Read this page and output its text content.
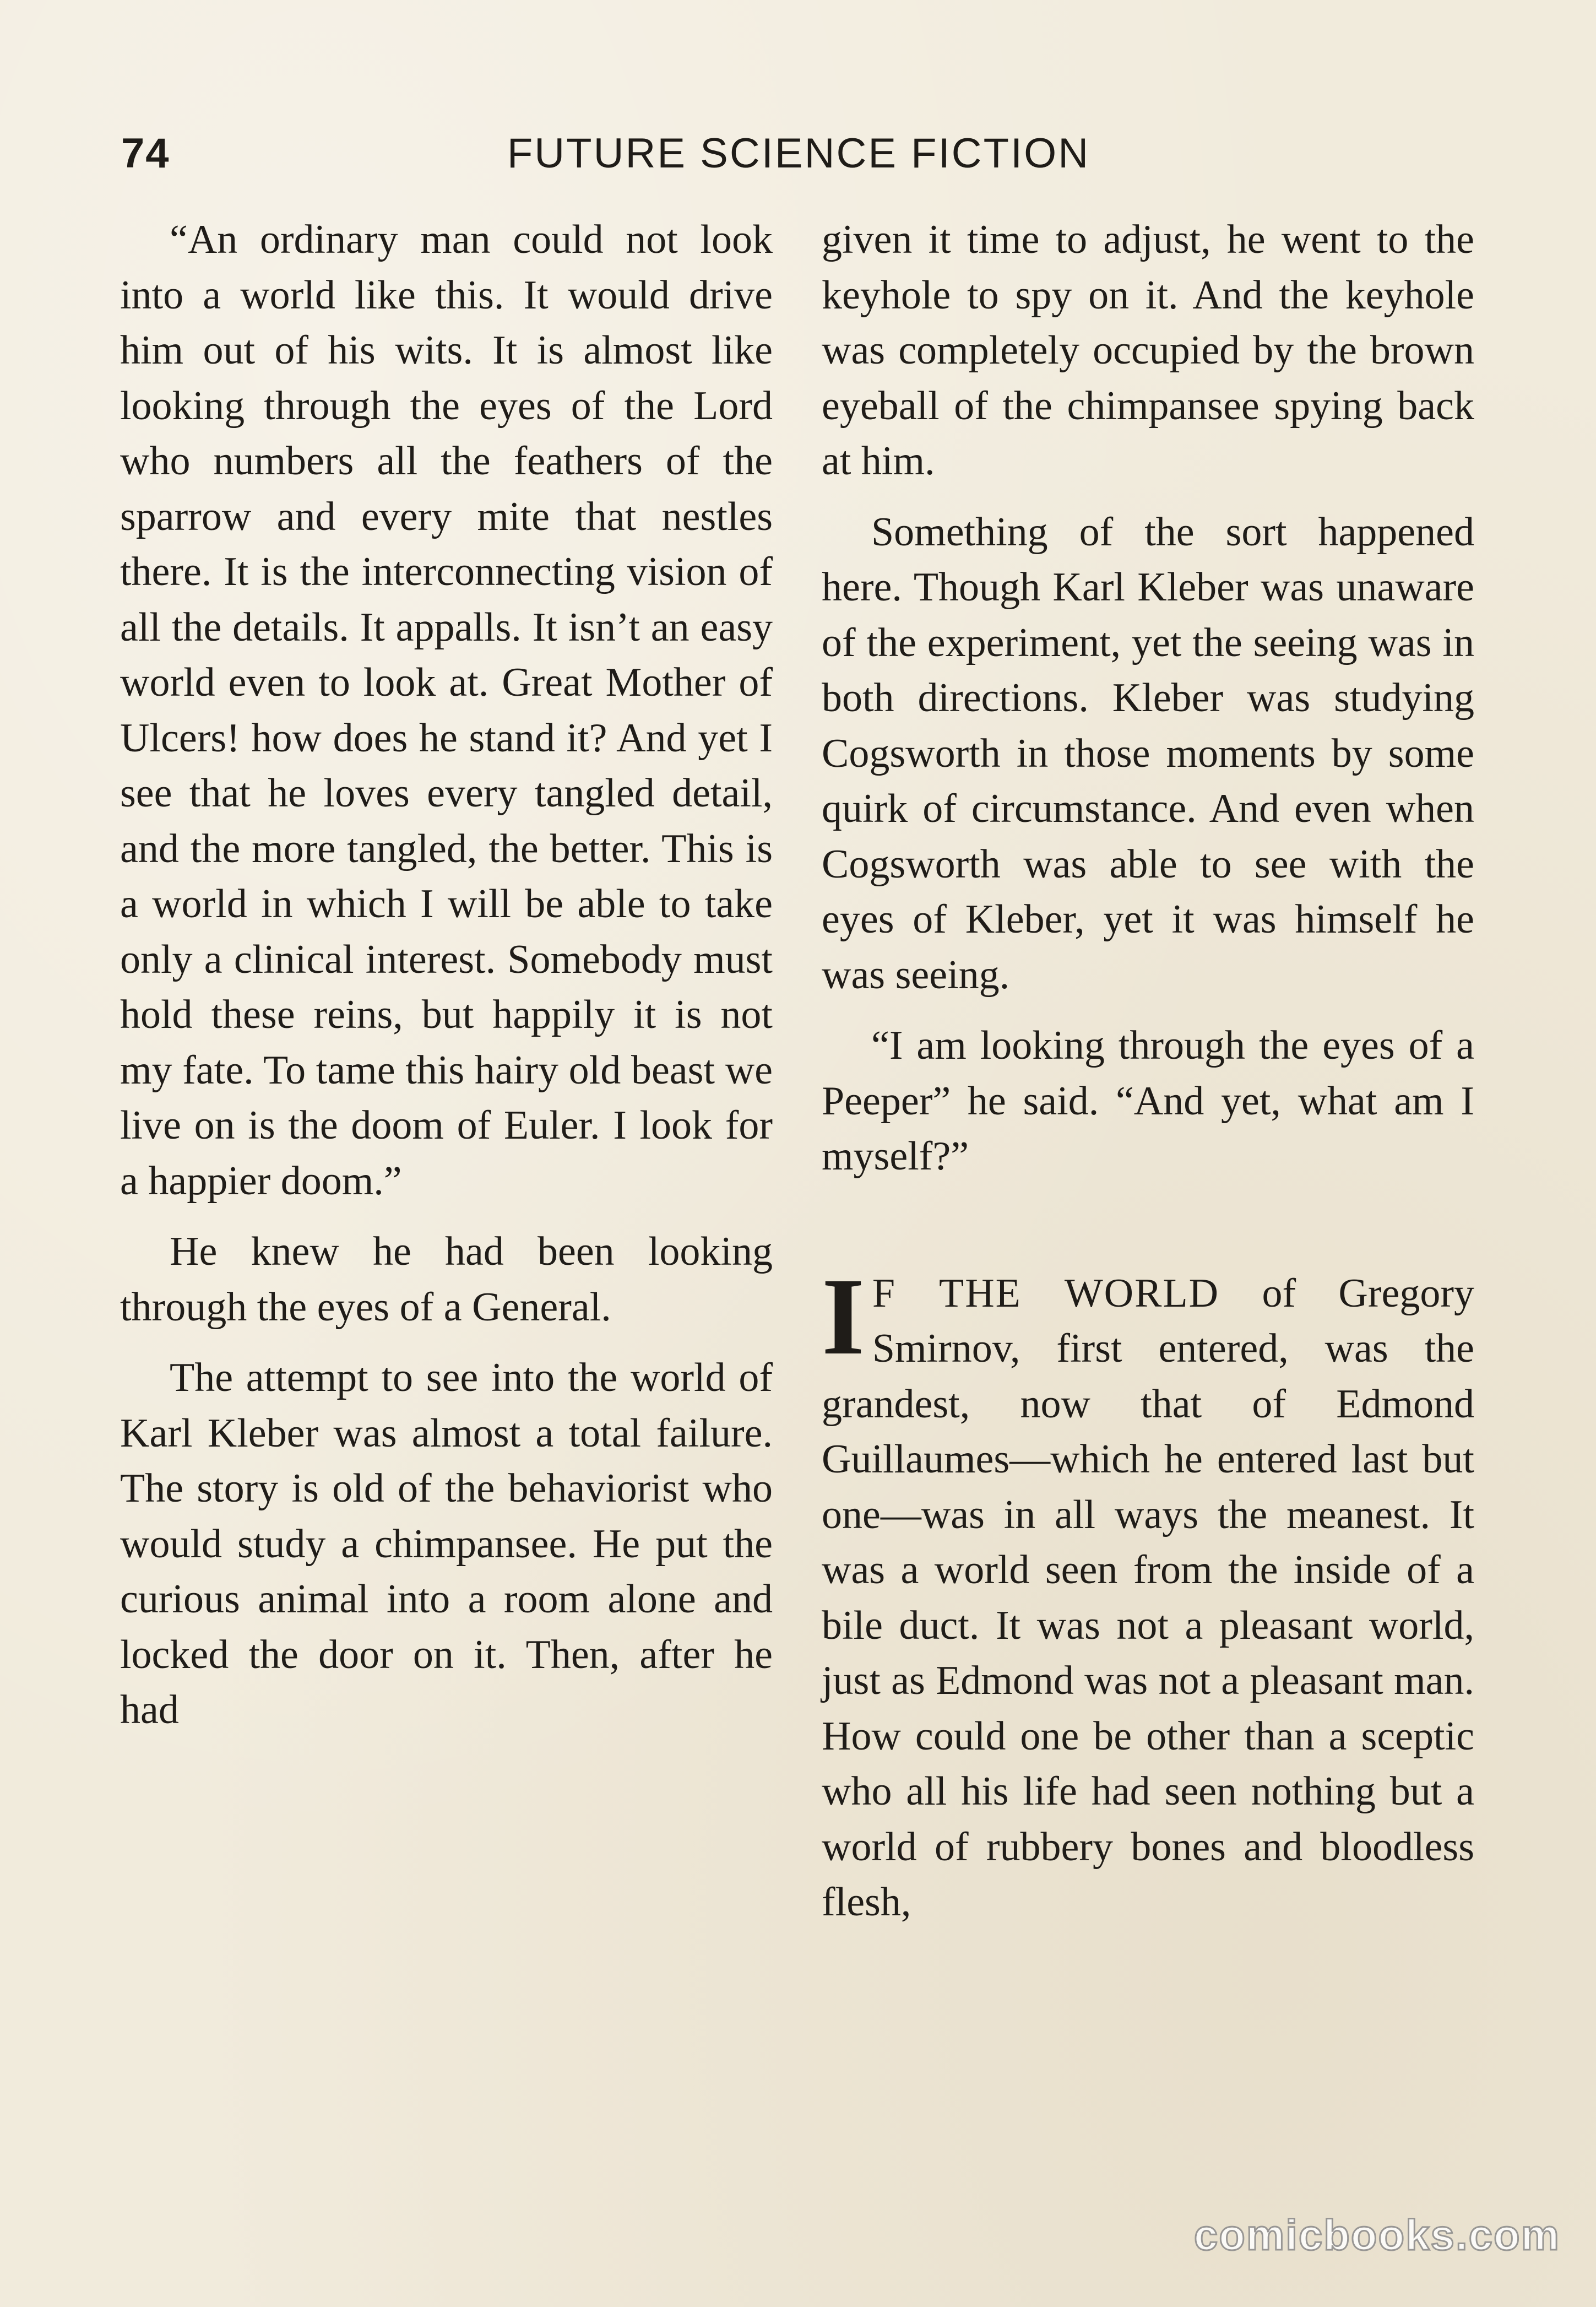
74	FUTURE SCIENCE FICTION

“An ordinary man could not look into a world like this. It would drive him out of his wits. It is almost like looking through the eyes of the Lord who numbers all the feathers of the sparrow and every mite that nestles there. It is the interconnecting vision of all the details. It appalls. It isn’t an easy world even to look at. Great Mother of Ulcers! how does he stand it? And yet I see that he loves every tangled detail, and the more tangled, the better. This is a world in which I will be able to take only a clinical interest. Somebody must hold these reins, but happily it is not my fate. To tame this hairy old beast we live on is the doom of Euler. I look for a happier doom.”

He knew he had been looking through the eyes of a General.

The attempt to see into the world of Karl Kleber was almost a total failure. The story is old of the behaviorist who would study a chimpansee. He put the curious animal into a room alone and locked the door on it. Then, after he had

given it time to adjust, he went to the keyhole to spy on it. And the keyhole was completely occupied by the brown eyeball of the chimpansee spying back at him.

Something of the sort happened here. Though Karl Kleber was unaware of the experiment, yet the seeing was in both directions. Kleber was studying Cogsworth in those moments by some quirk of circumstance. And even when Cogsworth was able to see with the eyes of Kleber, yet it was himself he was seeing.

“I am looking through the eyes of a Peeper” he said. “And yet, what am I myself?”

I F THE WORLD of Gregory Smirnov, first entered, was the grandest, now that of Edmond Guillaumes—which he entered last but one—was in all ways the meanest. It was a world seen from the inside of a bile duct. It was not a pleasant world, just as Edmond was not a pleasant man. How could one be other than a sceptic who all his life had seen nothing but a world of rubbery bones and bloodless flesh,

comicbooks.com
